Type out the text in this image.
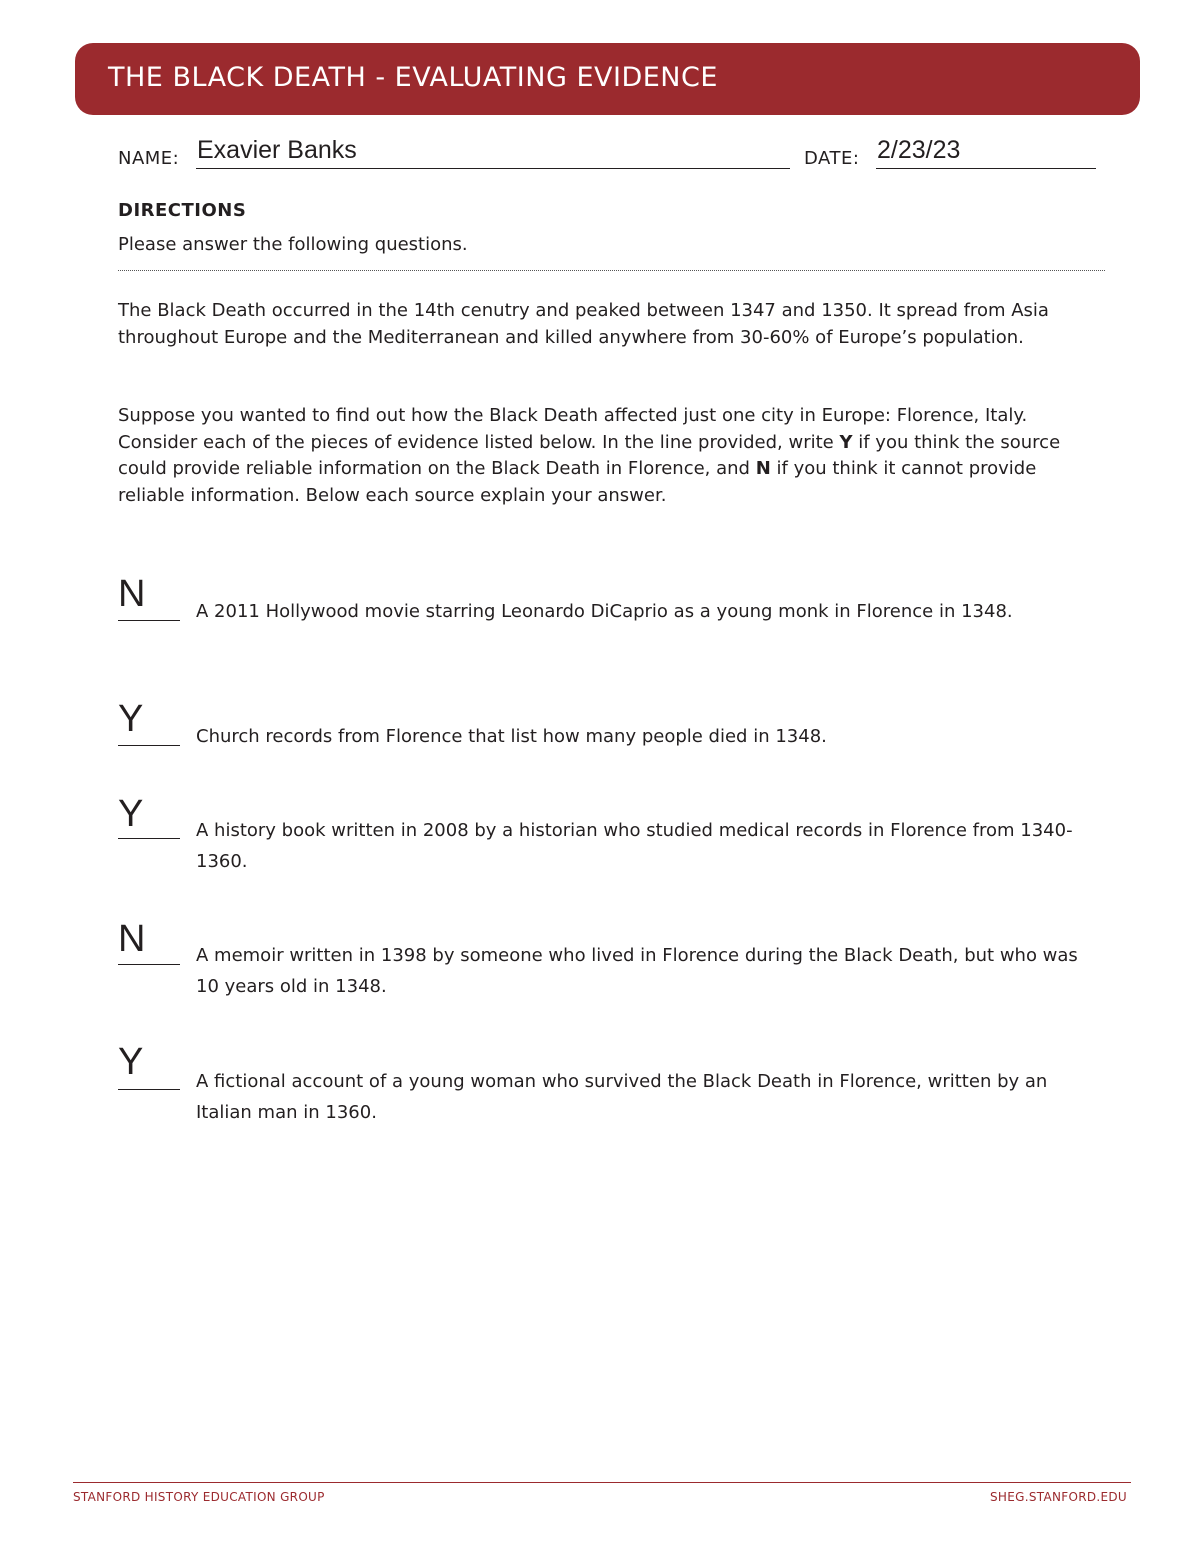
THE BLACK DEATH - EVALUATING EVIDENCE
NAME: Exavier Banks	DATE: 2/23/23
DIRECTIONS
Please answer the following questions.

The Black Death occurred in the 14th cenutry and peaked between 1347 and 1350. It spread from Asia throughout Europe and the Mediterranean and killed anywhere from 30-60% of Europe’s population.

Suppose you wanted to find out how the Black Death affected just one city in Europe: Florence, Italy. Consider each of the pieces of evidence listed below. In the line provided, write Y if you think the source could provide reliable information on the Black Death in Florence, and N if you think it cannot provide reliable information. Below each source explain your answer.

N	A 2011 Hollywood movie starring Leonardo DiCaprio as a young monk in Florence in 1348.

Y	Church records from Florence that list how many people died in 1348.

Y	A history book written in 2008 by a historian who studied medical records in Florence from 1340-1360.

N	A memoir written in 1398 by someone who lived in Florence during the Black Death, but who was 10 years old in 1348.

Y	A fictional account of a young woman who survived the Black Death in Florence, written by an Italian man in 1360.

STANFORD HISTORY EDUCATION GROUP	SHEG.STANFORD.EDU
